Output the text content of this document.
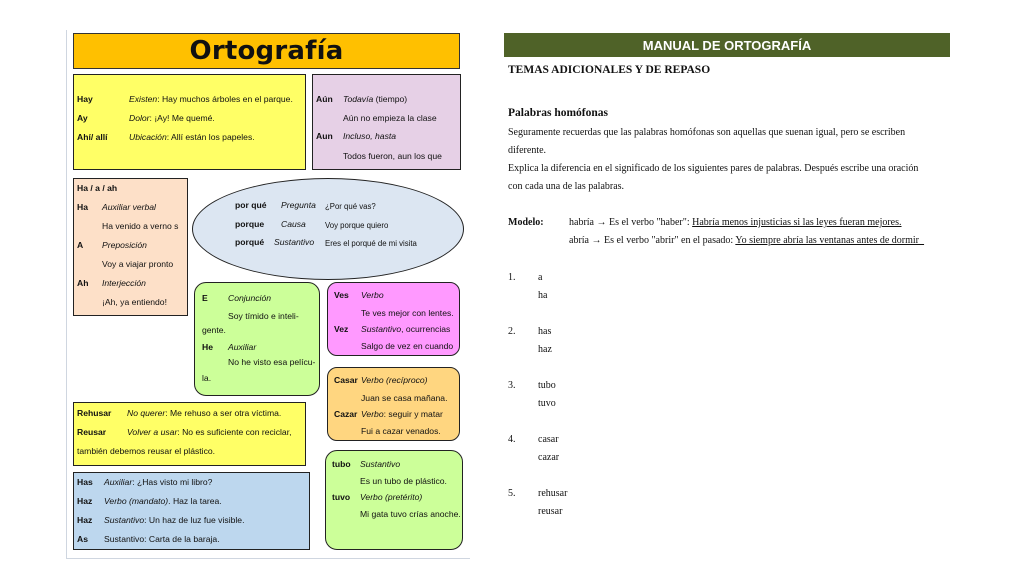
Ortografía
Hay	Existen: Hay muchos árboles en el parque.
Ay	Dolor: ¡Ay! Me quemé.
Ahí/ allí Ubicación: Allí están los papeles.
Aún Todavía (tiempo)
Aún no empieza la clase
Aun Incluso, hasta
Todos fueron, aun los que
Ha / a / ah
Ha Auxiliar verbal
Ha venido a verno s
A Preposición
Voy a viajar pronto
Ah Interjección
¡Ah, ya entiendo!
por qué Pregunta ¿Por qué vas?
porque Causa Voy porque quiero
porqué Sustantivo Eres el porqué de mi visita
E Conjunción
Soy tímido e inteli-
gente.
He Auxiliar
No he visto esa pelícu-
la.
Ves Verbo
Te ves mejor con lentes.
Vez Sustantivo, ocurrencias
Salgo de vez en cuando
Casar Verbo (recíproco)
Juan se casa mañana.
Cazar Verbo: seguir y matar
Fui a cazar venados.
Rehusar No querer: Me rehuso a ser otra víctima.
Reusar Volver a usar: No es suficiente con reciclar,
también debemos reusar el plástico.
tubo Sustantivo
Es un tubo de plástico.
tuvo Verbo (pretérito)
Mi gata tuvo crías anoche.
Has Auxiliar: ¿Has visto mi libro?
Haz Verbo (mandato). Haz la tarea.
Haz Sustantivo: Un haz de luz fue visible.
As Sustantivo: Carta de la baraja.
MANUAL DE ORTOGRAFÍA
TEMAS ADICIONALES Y DE REPASO
Palabras homófonas
Seguramente recuerdas que las palabras homófonas son aquellas que suenan igual, pero se escriben
diferente.
Explica la diferencia en el significado de los siguientes pares de palabras. Después escribe una oración
con cada una de las palabras.
Modelo:	habría → Es el verbo "haber": Habría menos injusticias si las leyes fueran mejores.
abría → Es el verbo "abrir" en el pasado: Yo siempre abría las ventanas antes de dormir_
1. a
ha
2. has
haz
3. tubo
tuvo
4. casar
cazar
5. rehusar
reusar
